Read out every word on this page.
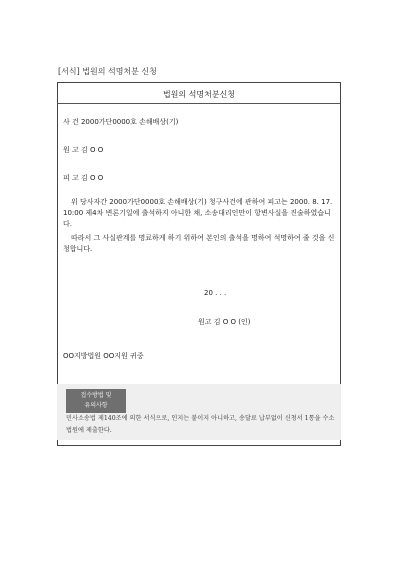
[서식] 법원의 석명처분 신청
법원의 석명처분신청
사 건 2000가단0000호 손해배상(기)
원 고 김 O O
피 고 김 O O
위 당사자간 2000가단0000호 손해배상(기) 청구사건에 관하여 피고는 2000. 8. 17. 10:00 제4차 변론기일에 출석하지 아니한 채, 소송대리인만이 항변사실을 진술하였습니다.
따라서 그 사실관계를 명료하게 하기 위하여 본인의 출석을 명하여 석명하여 줄 것을 신청합니다.
20 . . .
원고 김 O O (인)
OO지방법원 OO지원 귀중
접수방법 및
유의사항
민사소송법 제140조에 의한 서식으로, 인지는 붙이지 아니하고, 송달료 납부없이 신청서 1통을 수소법원에 제출한다.
